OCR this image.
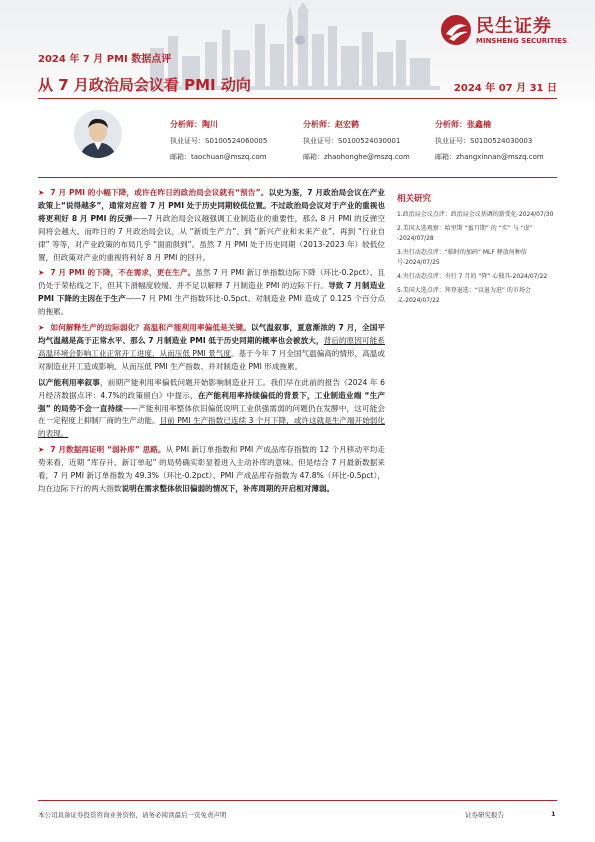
民生证券
MINSHENG SECURITIES
2024 年 7 月 PMI 数据点评
从 7 月政治局会议看 PMI 动向	2024 年 07 月 31 日
分析师：陶川
执业证号：S0100524060005
邮箱：taochuan@mszq.com
分析师：赵宏鹤
执业证号：S0100524030001
邮箱：zhaohonghe@mszq.com
分析师：张鑫楠
执业证号：S0100524030003
邮箱：zhangxinnan@mszq.com

➤ 7 月 PMI 的小幅下降，或许在昨日的政治局会议就有“预告”。以史为鉴，7 月政治局会议在产业政策上“说得越多”，通常对应着 7 月 PMI 处于历史同期较低位置。不过政治局会议对于产业的重视也将更利好 8 月 PMI 的反弹——7 月政治局会议越强调工业制造业的重要性，那么 8 月 PMI 的反弹空间将会越大。而昨日的 7 月政治局会议，从 “新质生产力”、到 “新兴产业和未来产业”、再到 “行业自律” 等等，对产业政策的布局几乎 “面面俱到”。虽然 7 月 PMI 处于历史同期（2013-2023 年）较低位置，但政策对产业的重视将利好 8 月 PMI 的回升。

➤ 7 月 PMI 的下降，不在需求，更在生产。虽然 7 月 PMI 新订单指数边际下降（环比-0.2pct）、且仍处于荣枯线之下，但其下滑幅度较缓、并不足以解释 7 月制造业 PMI 的边际下行。导致 7 月制造业 PMI 下降的主因在于生产——7 月 PMI 生产指数环比-0.5pct、对制造业 PMI 造成了 0.125 个百分点的拖累。

➤ 如何解释生产的边际弱化？高温和产能利用率偏低是关键。以气温叙事，夏意渐浓的 7 月，全国平均气温越是高于正常水平、那么 7 月制造业 PMI 低于历史同期的概率也会被放大，背后的原因可能系高温环境会影响工业正常开工进度，从而压低 PMI 景气度。基于今年 7 月全国气温偏高的情形，高温或对制造业开工造成影响，从而压低 PMI 生产指数、并对制造业 PMI 形成拖累。

以产能利用率叙事，前期产能利用率偏低问题开始影响制造业开工。我们早在此前的报告《2024 年 6 月经济数据点评：4.7%的政策留白》中提示，在产能利用率持续偏低的背景下，工业制造业端 “生产强” 的局势不会一直持续——产能利用率整体依旧偏低说明工业供强需弱的问题仍在发酵中，这可能会在一定程度上抑制厂商的生产动能。目前 PMI 生产指数已连续 3 个月下降，或许这就是生产端开始弱化的表现。

➤ 7 月数据再证明 “弱补库” 思路。从 PMI 新订单指数和 PMI 产成品库存指数的 12 个月移动平均走势来看，近期 “库存升、新订单起” 的局势确实彰显着进入主动补库的意味。但是结合 7 月最新数据来看，7 月 PMI 新订单指数为 49.3%（环比-0.2pct）、PMI 产成品库存指数为 47.8%（环比-0.5pct），均在边际下行的两大指数说明在需求整体依旧偏弱的情况下，补库周期的开启相对薄弱。

相关研究
1.政治局会议点评：政治局会议基调的新变化-2024/07/30
2.美国大选观察：哈里斯 “蜜月期” 的 “实” 与 “虚” -2024/07/28
3.央行动态点评：“临时的加码” MLF 释放何种信号-2024/07/25
4.央行动态点评：央行 7 月的 “降” 心独具-2024/07/22
5.美国大选点评：拜登退选：“以退为进” 的市场会义-2024/07/22
本公司具备证券投资咨询业务资格，请务必阅读最后一页免责声明	证券研究报告	1
